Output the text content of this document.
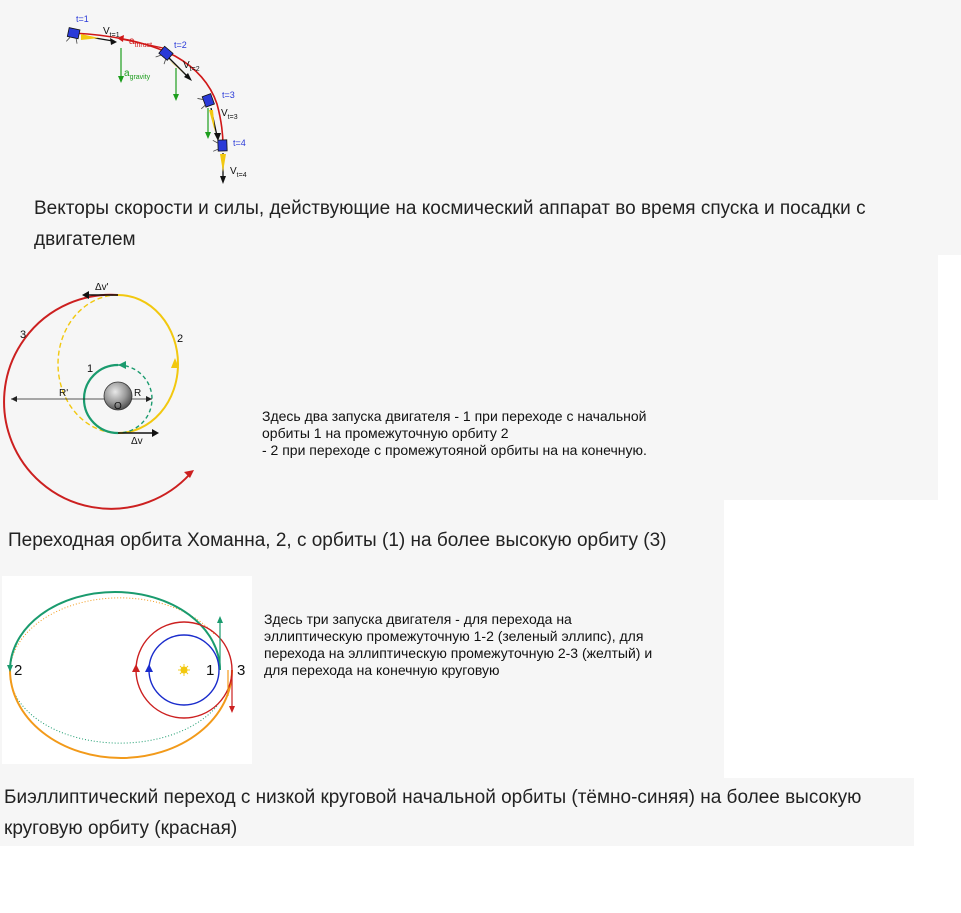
t=1
t=2
t=3
t=4
$V_{t=1}$
$V_{t=2}$
$V_{t=3}$
$V_{t=4}$
$a_{thrust}$
$a_{gravity}$
Векторы скорости и силы, действующие на космический аппарат во время спуска и посадки с двигателем
Δv'
Δv
1
2
3
R'	R
O
Здесь два запуска двигателя - 1 при переходе с начальной
орбиты 1 на промежуточную орбиту 2
- 2 при переходе с промежутояной орбиты на на конечную.
Переходная орбита Хоманна, 2, с орбиты (1) на более высокую орбиту (3)
1
2	3
Здесь три запуска двигателя - для перехода на
эллиптическую промежуточную 1-2 (зеленый эллипс), для
перехода на эллиптическую промежуточную 2-3 (желтый) и
для перехода на конечную круговую
Биэллиптический переход с низкой круговой начальной орбиты (тёмно-синяя) на более высокую круговую орбиту (красная)
